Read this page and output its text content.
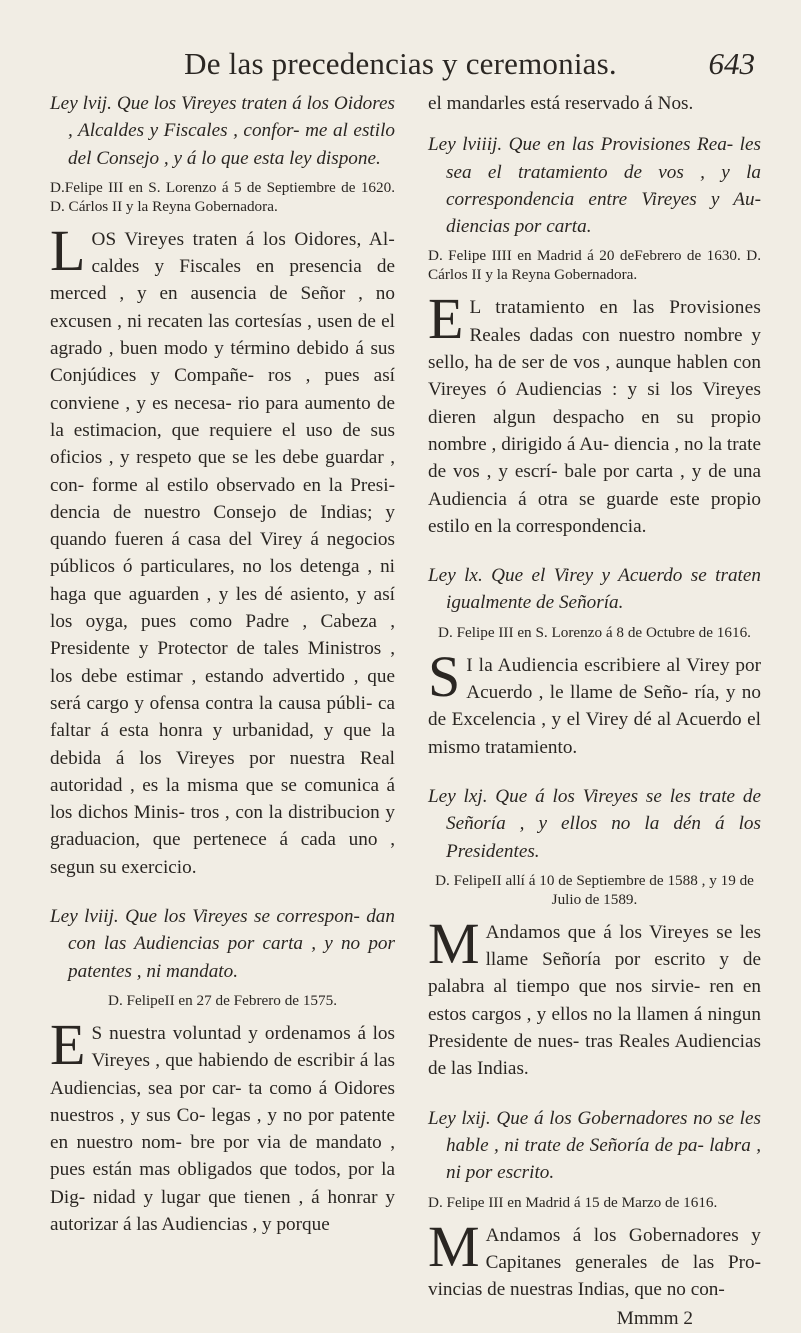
De las precedencias y ceremonias.	643

Ley lvij. Que los Vireyes traten á los Oidores , Alcaldes y Fiscales , confor- me al estilo del Consejo , y á lo que esta ley dispone.

D.Felipe III en S. Lorenzo á 5 de Septiembre de 1620. D. Cárlos II y la Reyna Gobernadora.

L OS Vireyes traten á los Oidores, Al- caldes y Fiscales en presencia de merced , y en ausencia de Señor , no excusen , ni recaten las cortesías , usen de el agrado , buen modo y término debido á sus Conjúdices y Compañe- ros , pues así conviene , y es necesa- rio para aumento de la estimacion, que requiere el uso de sus oficios , y respeto que se les debe guardar , con- forme al estilo observado en la Presi- dencia de nuestro Consejo de Indias; y quando fueren á casa del Virey á negocios públicos ó particulares, no los detenga , ni haga que aguarden , y les dé asiento, y así los oyga, pues como Padre , Cabeza , Presidente y Protector de tales Ministros , los debe estimar , estando advertido , que será cargo y ofensa contra la causa públi- ca faltar á esta honra y urbanidad, y que la debida á los Vireyes por nuestra Real autoridad , es la misma que se comunica á los dichos Minis- tros , con la distribucion y graduacion, que pertenece á cada uno , segun su exercicio.

Ley lviij. Que los Vireyes se correspon- dan con las Audiencias por carta , y no por patentes , ni mandato.

D. FelipeII en 27 de Febrero de 1575.

E S nuestra voluntad y ordenamos á los Vireyes , que habiendo de escribir á las Audiencias, sea por car- ta como á Oidores nuestros , y sus Co- legas , y no por patente en nuestro nom- bre por via de mandato , pues están mas obligados que todos, por la Dig- nidad y lugar que tienen , á honrar y autorizar á las Audiencias , y porque

el mandarles está reservado á Nos.

Ley lviiij. Que en las Provisiones Rea- les sea el tratamiento de vos , y la correspondencia entre Vireyes y Au- diencias por carta.

D. Felipe IIII en Madrid á 20 deFebrero de 1630. D. Cárlos II y la Reyna Gobernadora.

E L tratamiento en las Provisiones Reales dadas con nuestro nombre y sello, ha de ser de vos , aunque hablen con Vireyes ó Audiencias : y si los Vireyes dieren algun despacho en su propio nombre , dirigido á Au- diencia , no la trate de vos , y escrí- bale por carta , y de una Audiencia á otra se guarde este propio estilo en la correspondencia.

Ley lx. Que el Virey y Acuerdo se traten igualmente de Señoría.

D. Felipe III en S. Lorenzo á 8 de Octubre de 1616.

S I la Audiencia escribiere al Virey por Acuerdo , le llame de Seño- ría, y no de Excelencia , y el Virey dé al Acuerdo el mismo tratamiento.

Ley lxj. Que á los Vireyes se les trate de Señoría , y ellos no la dén á los Presidentes.

D. FelipeII allí á 10 de Septiembre de 1588 , y 19 de Julio de 1589.

M Andamos que á los Vireyes se les llame Señoría por escrito y de palabra al tiempo que nos sirvie- ren en estos cargos , y ellos no la llamen á ningun Presidente de nues- tras Reales Audiencias de las Indias.

Ley lxij. Que á los Gobernadores no se les hable , ni trate de Señoría de pa- labra , ni por escrito.

D. Felipe III en Madrid á 15 de Marzo de 1616.

M Andamos á los Gobernadores y Capitanes generales de las Pro- vincias de nuestras Indias, que no con-

Mmmm 2
